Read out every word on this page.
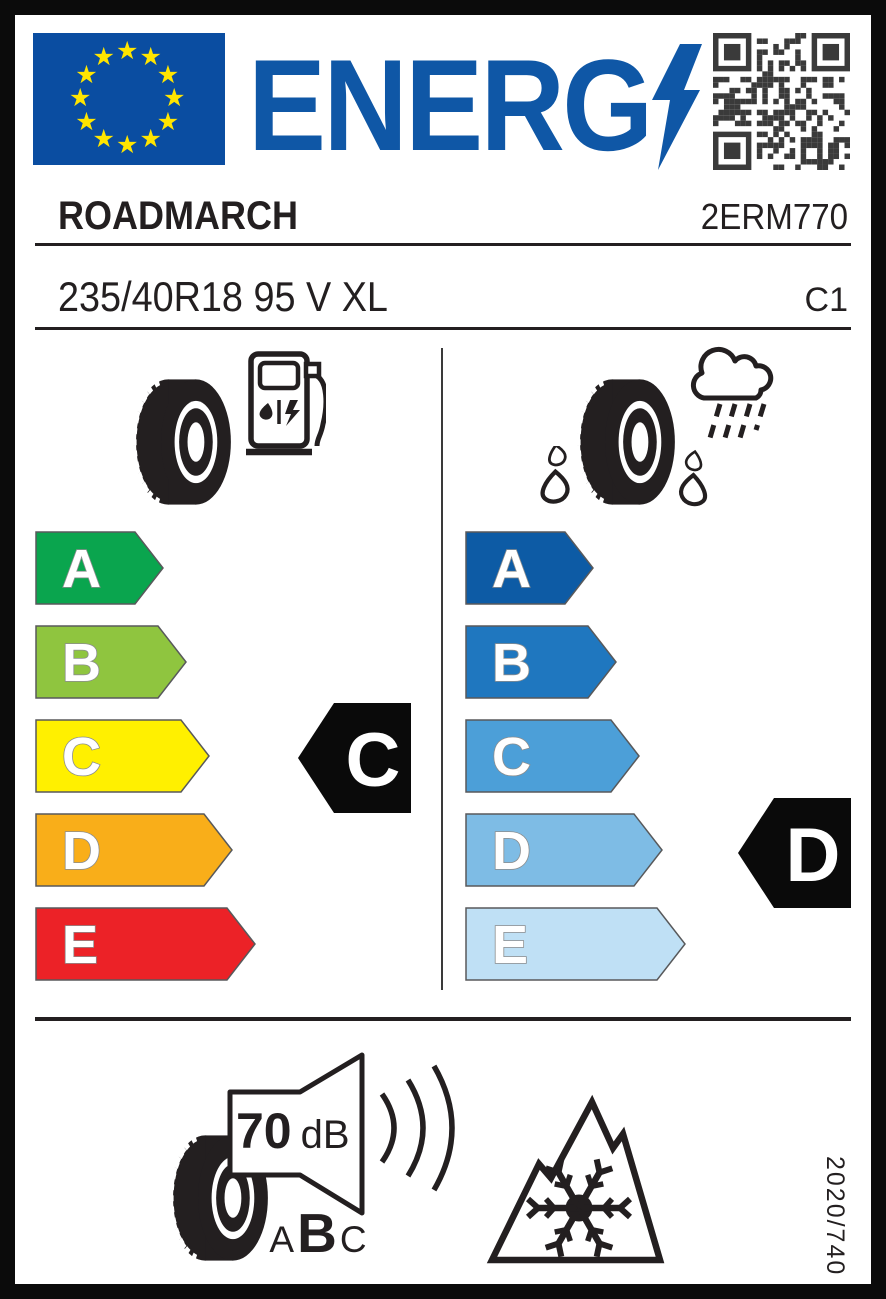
★ ★
★
★
★
★
★
★
★
★
★
★ ENERG
ROADMARCH	2ERM770
235/40R18 95 V XL	C1
A
B
C
D
E
A
B
C
D
E
C
D
70 dB
A B C	2020/740
